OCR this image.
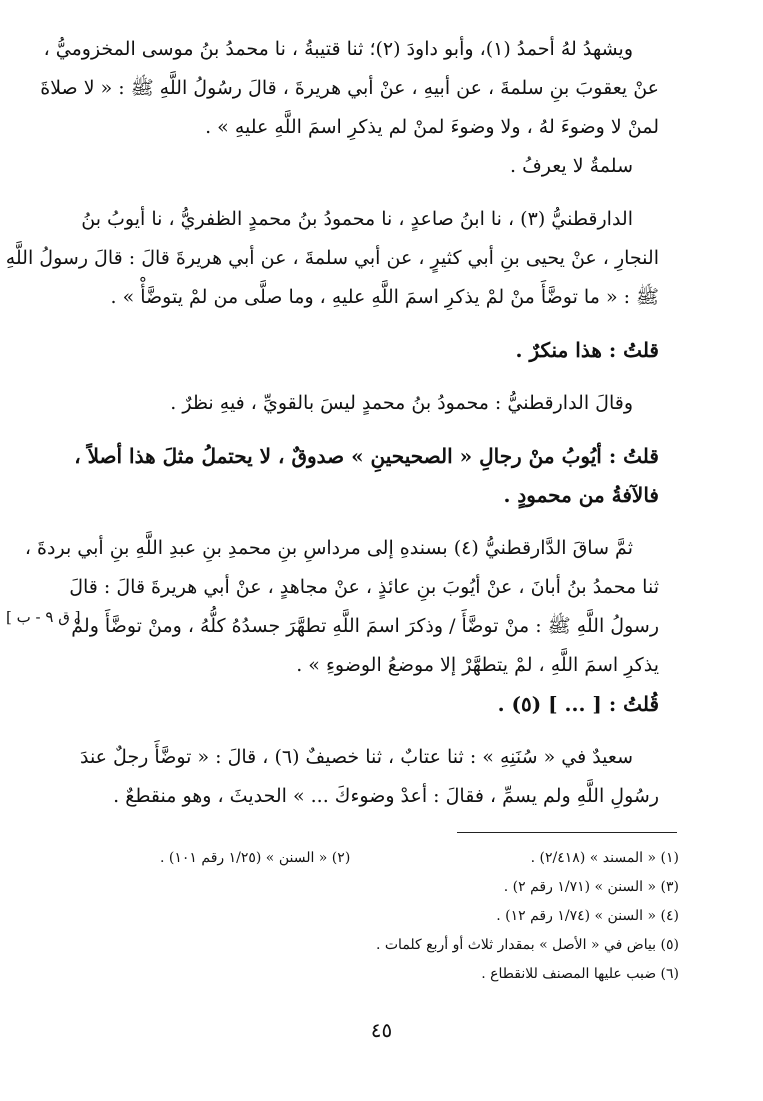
ويشهدُ لهُ أحمدُ (١)، وأبو داودَ (٢)؛ ثنا قتيبةُ ، نا محمدُ بنُ موسى المخزوميُّ ،
عنْ يعقوبَ بنِ سلمةَ ، عن أبيهِ ، عنْ أبي هريرةَ ، قالَ رسُولُ اللَّهِ ﷺ : « لا صلاةَ
لمنْ لا وضوءَ لهُ ، ولا وضوءَ لمنْ لم يذكرِ اسمَ اللَّهِ عليهِ » .
سلمةُ لا يعرفُ .
الدارقطنيُّ (٣) ، نا ابنُ صاعدٍ ، نا محمودُ بنُ محمدٍ الظفريُّ ، نا أيوبُ بنُ
النجارِ ، عنْ يحيى بنِ أبي كثيرٍ ، عن أبي سلمةَ ، عن أبي هريرةَ قالَ : قالَ رسولُ اللَّهِ
ﷺ : « ما توضَّأَ منْ لمْ يذكرِ اسمَ اللَّهِ عليهِ ، وما صلَّى من لمْ يتوضَّأْ » .
قلتُ : هذا منكرٌ .
وقالَ الدارقطنيُّ : محمودُ بنُ محمدٍ ليسَ بالقويِّ ، فيهِ نظرٌ .
قلتُ : أيُوبُ منْ رجالِ « الصحيحينِ » صدوقٌ ، لا يحتملُ مثلَ هذا أصلاً ،
فالآفةُ من محمودٍ .
ثمَّ ساقَ الدَّارقطنيُّ (٤) بسندهِ إلى مرداسِ بنِ محمدِ بنِ عبدِ اللَّهِ بنِ أبي بردةَ ،
ثنا محمدُ بنُ أبانَ ، عنْ أيُوبَ بنِ عائذٍ ، عنْ مجاهدٍ ، عنْ أبي هريرةَ قالَ : قالَ
رسولُ اللَّهِ ﷺ : منْ توضَّأَ / وذكرَ اسمَ اللَّهِ تطهَّرَ جسدُهُ كلُّهُ ، ومنْ توضَّأَ ولمْ
يذكرِ اسمَ اللَّهِ ، لمْ يتطهَّرْ إلا موضعُ الوضوءِ » .
قُلتُ : [ ... ] (٥) .
سعيدٌ في « سُنَنِهِ » : ثنا عتابٌ ، ثنا خصيفٌ (٦) ، قالَ : « توضَّأَ رجلٌ عندَ
رسُولِ اللَّهِ ولم يسمِّ ، فقالَ : أعدْ وضوءكَ ... » الحديثَ ، وهو منقطعٌ .
[ ق ٩ - ب ]
(١) « المسند » (٢/٤١٨) .
(٢) « السنن » (١/٢٥ رقم ١٠١) .
(٣) « السنن » (١/٧١ رقم ٢) .
(٤) « السنن » (١/٧٤ رقم ١٢) .
(٥) بياض في « الأصل » بمقدار ثلاث أو أربع كلمات .
(٦) ضبب عليها المصنف للانقطاع .
٤٥
